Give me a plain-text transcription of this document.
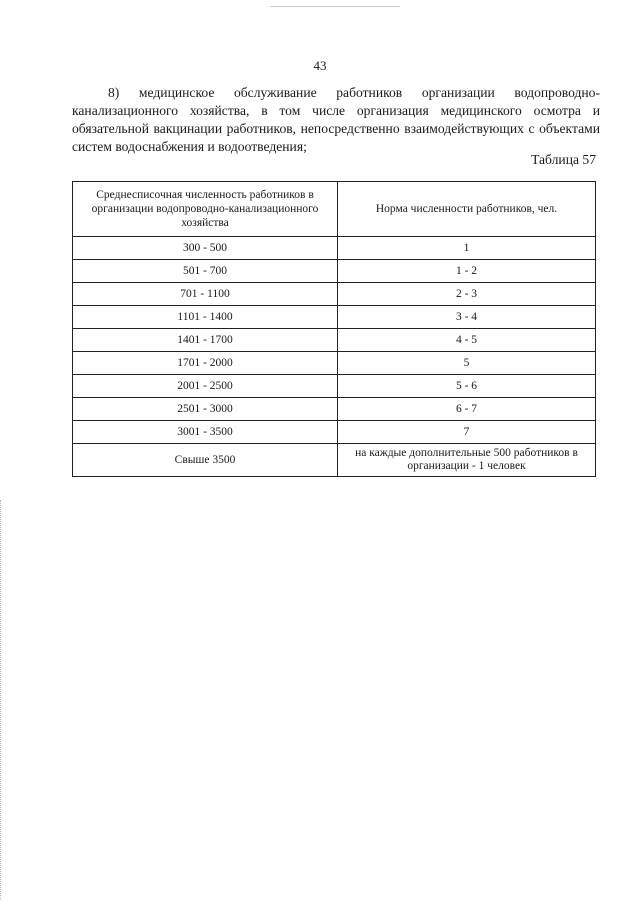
43

8) медицинское обслуживание работников организации водопроводно-канализационного хозяйства, в том числе организация медицинского осмотра и обязательной вакцинации работников, непосредственно взаимодействующих с объектами систем водоснабжения и водоотведения;

Таблица 57
Среднесписочная численность работников в организации водопроводно-канализационного хозяйства	Норма численности работников, чел.
300 - 500	1
501 - 700	1 - 2
701 - 1100	2 - 3
1101 - 1400	3 - 4
1401 - 1700	4 - 5
1701 - 2000	5
2001 - 2500	5 - 6
2501 - 3000	6 - 7
3001 - 3500	7
Свыше 3500	на каждые дополнительные 500 работников в организации - 1 человек
